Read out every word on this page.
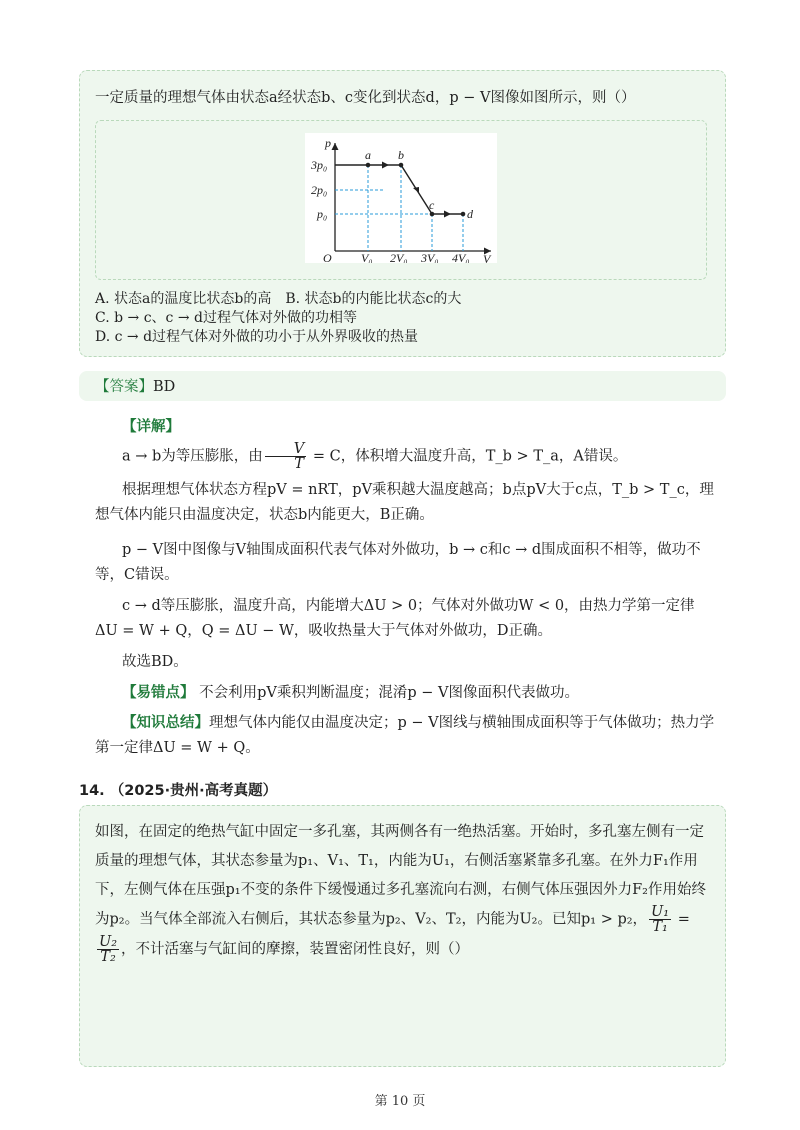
一定质量的理想气体由状态a经状态b、c变化到状态d，p − V图像如图所示，则（）
p
V
O
3p₀
2p₀
p₀
V₀ 2V₀ 3V₀ 4V₀
a b
c
d
A. 状态a的温度比状态b的高 B. 状态b的内能比状态c的大
C. b → c、c → d过程气体对外做的功相等
D. c → d过程气体对外做的功小于从外界吸收的热量
【答案】BD
【详解】
a → b为等压膨胀，由 $\frac{V}{T} = C$，体积增大温度升高，T_b > T_a，A错误。
根据理想气体状态方程pV = nRT，pV乘积越大温度越高；b点pV大于c点，T_b > T_c，理想气体内能只由温度决定，状态b内能更大，B正确。
p − V图中图像与V轴围成面积代表气体对外做功，b → c和c → d围成面积不相等，做功不等，C错误。
c → d等压膨胀，温度升高，内能增大ΔU > 0；气体对外做功W < 0，由热力学第一定律ΔU = W + Q，Q = ΔU − W，吸收热量大于气体对外做功，D正确。
故选BD。
【易错点】 不会利用pV乘积判断温度；混淆p − V图像面积代表做功。
【知识总结】理想气体内能仅由温度决定；p − V图线与横轴围成面积等于气体做功；热力学第一定律ΔU = W + Q。
14. （2025·贵州·高考真题）
如图，在固定的绝热气缸中固定一多孔塞，其两侧各有一绝热活塞。开始时，多孔塞左侧有一定质量的理想气体，其状态参量为p₁、V₁、T₁，内能为U₁，右侧活塞紧靠多孔塞。在外力F₁作用下，左侧气体在压强p₁不变的条件下缓慢通过多孔塞流向右测，右侧气体压强因外力F₂作用始终为p₂。当气体全部流入右侧后，其状态参量为p₂、V₂、T₂，内能为U₂。已知p₁ > p₂， $\frac{\text{U₁}}{\text{T₁}}$ =
$\frac{\text{U₂}}{\text{T₂}}$ ，不计活塞与气缸间的摩擦，装置密闭性良好，则（）
第 10 页
